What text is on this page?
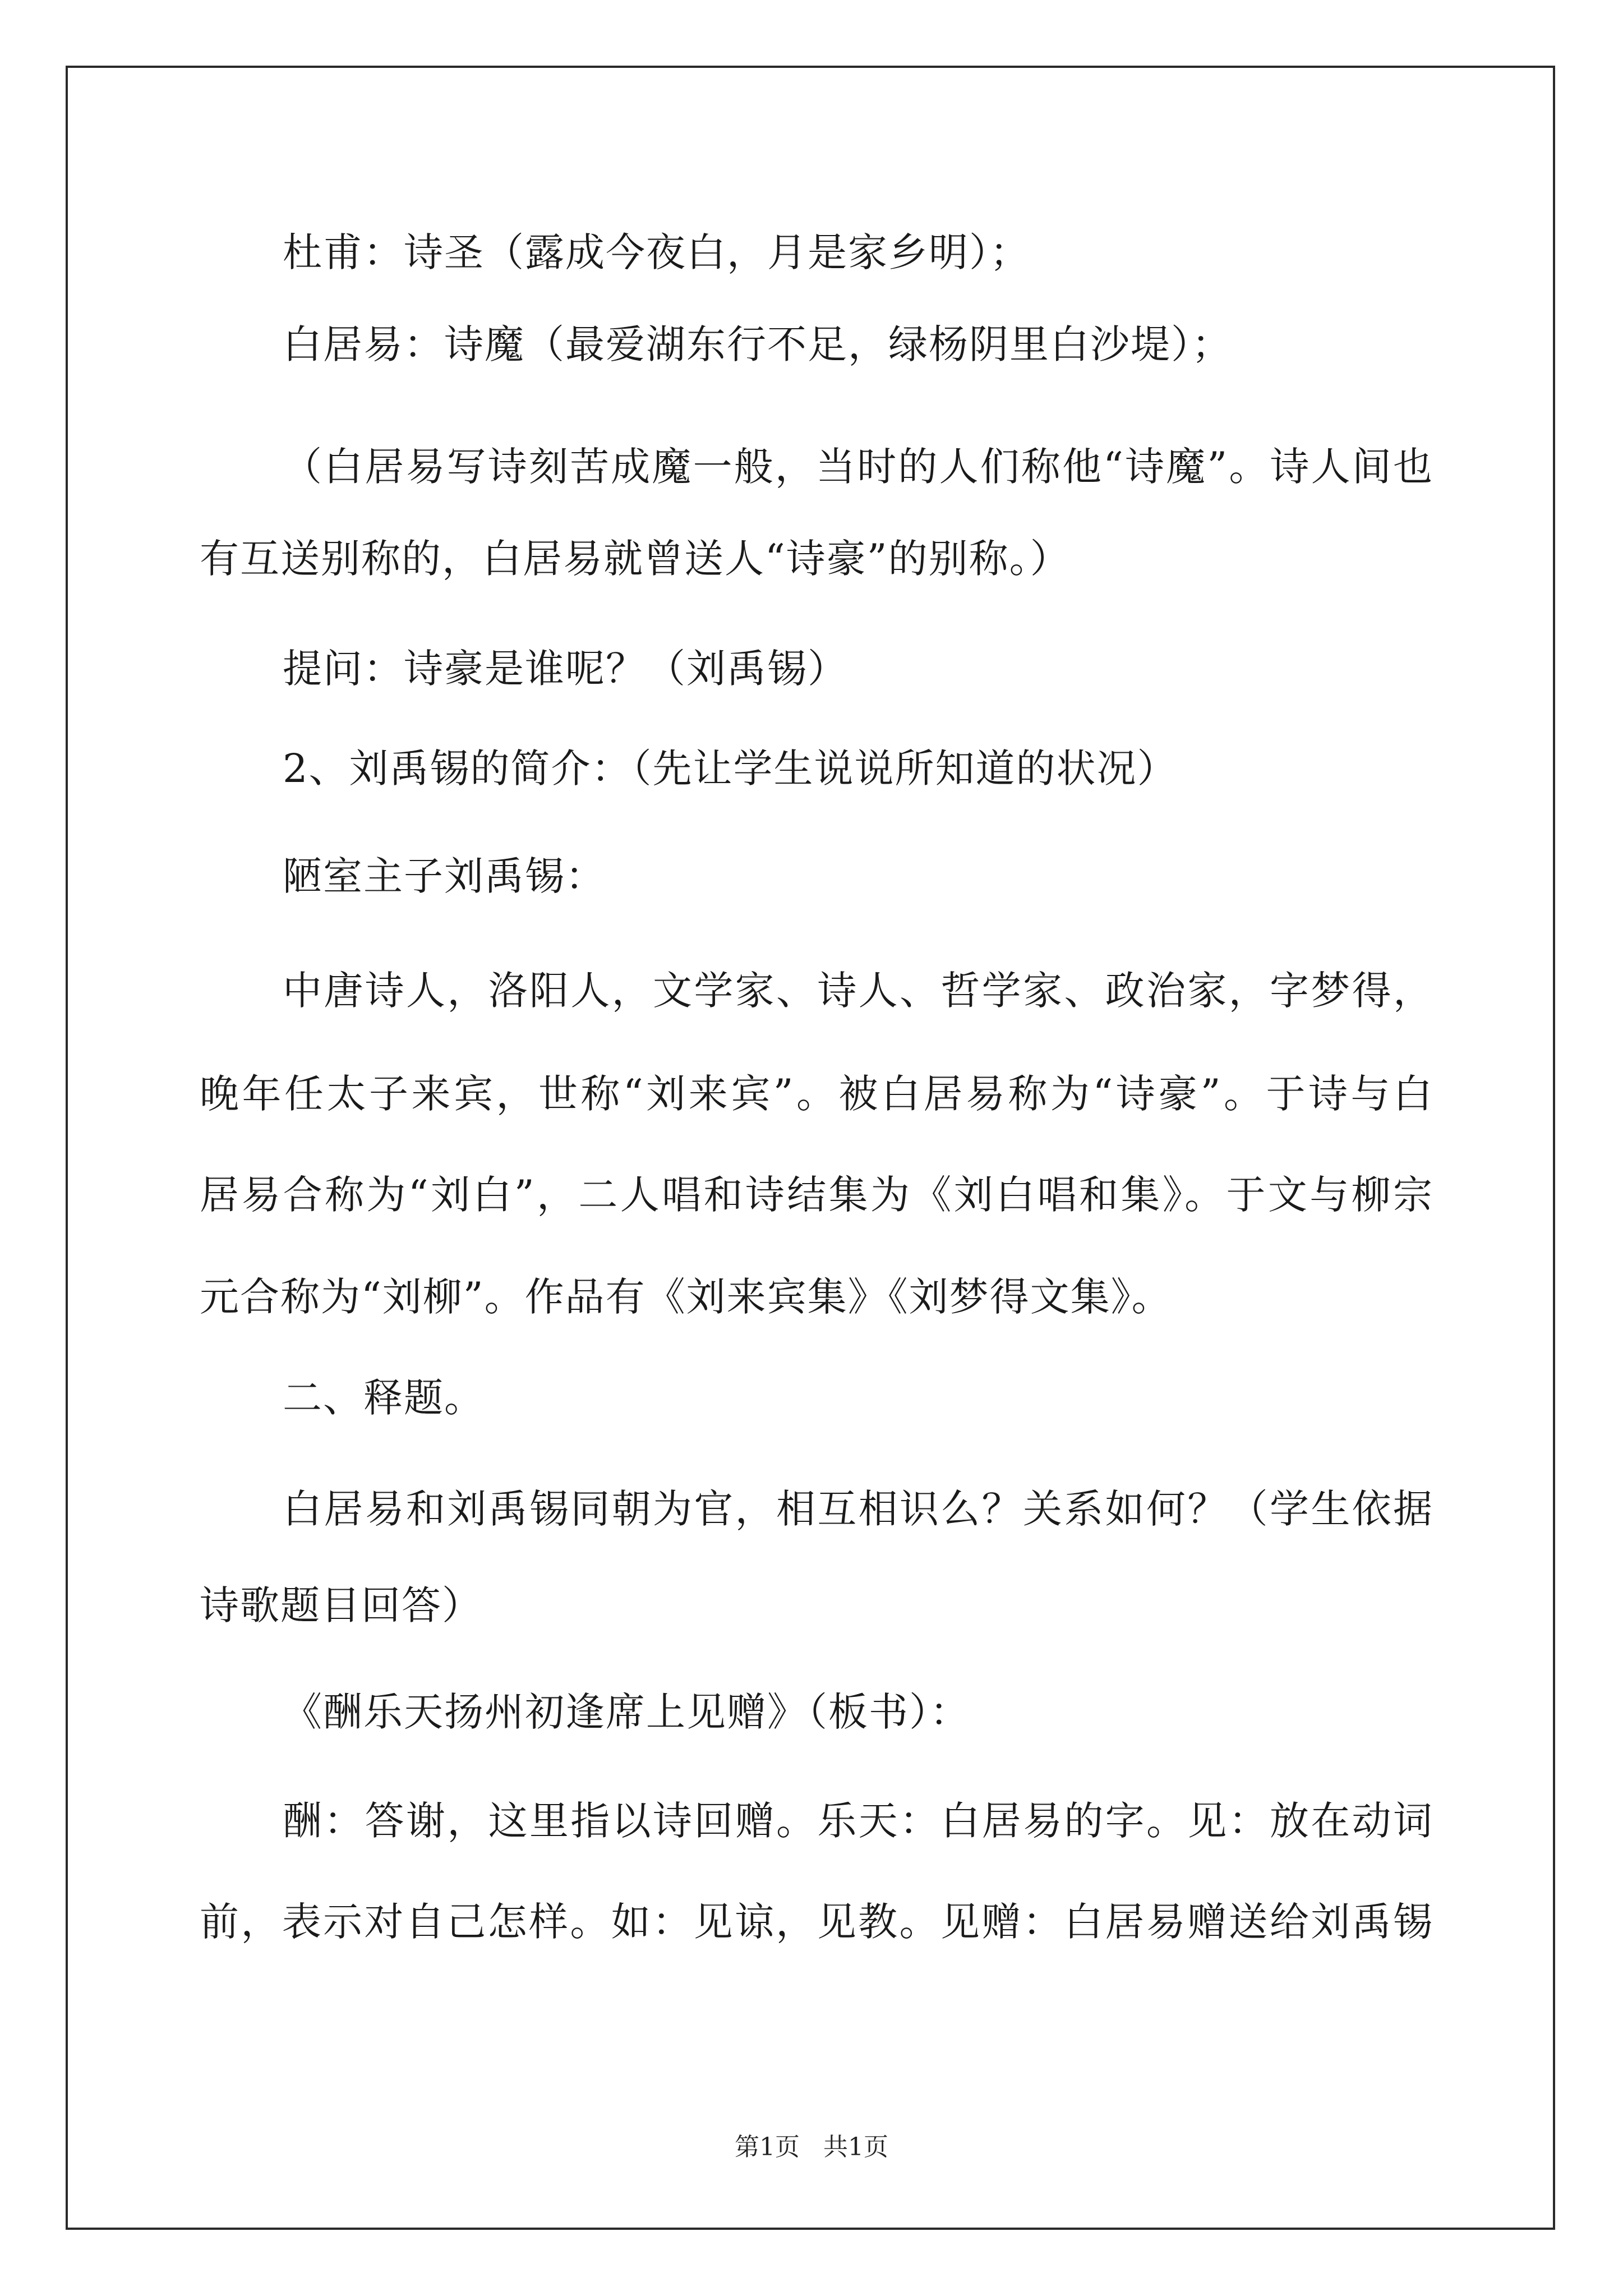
杜甫：诗圣（露成今夜白，月是家乡明）；
白居易：诗魔（最爱湖东行不足，绿杨阴里白沙堤）；
（白居易写诗刻苦成魔一般，当时的人们称他“诗魔”。诗人间也
有互送别称的，白居易就曾送人“诗豪”的别称。）
提问：诗豪是谁呢？（刘禹锡）
2、刘禹锡的简介：（先让学生说说所知道的状况）
陋室主子刘禹锡：
中唐诗人，洛阳人，文学家、诗人、哲学家、政治家，字梦得，
晚年任太子来宾，世称“刘来宾”。被白居易称为“诗豪”。于诗与白
居易合称为“刘白”，二人唱和诗结集为《刘白唱和集》。于文与柳宗
元合称为“刘柳”。作品有《刘来宾集》《刘梦得文集》。
二、释题。
白居易和刘禹锡同朝为官，相互相识么？关系如何？（学生依据
诗歌题目回答）
《酬乐天扬州初逢席上见赠》（板书）：
酬：答谢，这里指以诗回赠。乐天：白居易的字。见：放在动词
前，表示对自己怎样。如：见谅，见教。见赠：白居易赠送给刘禹锡
第1页   共1页
